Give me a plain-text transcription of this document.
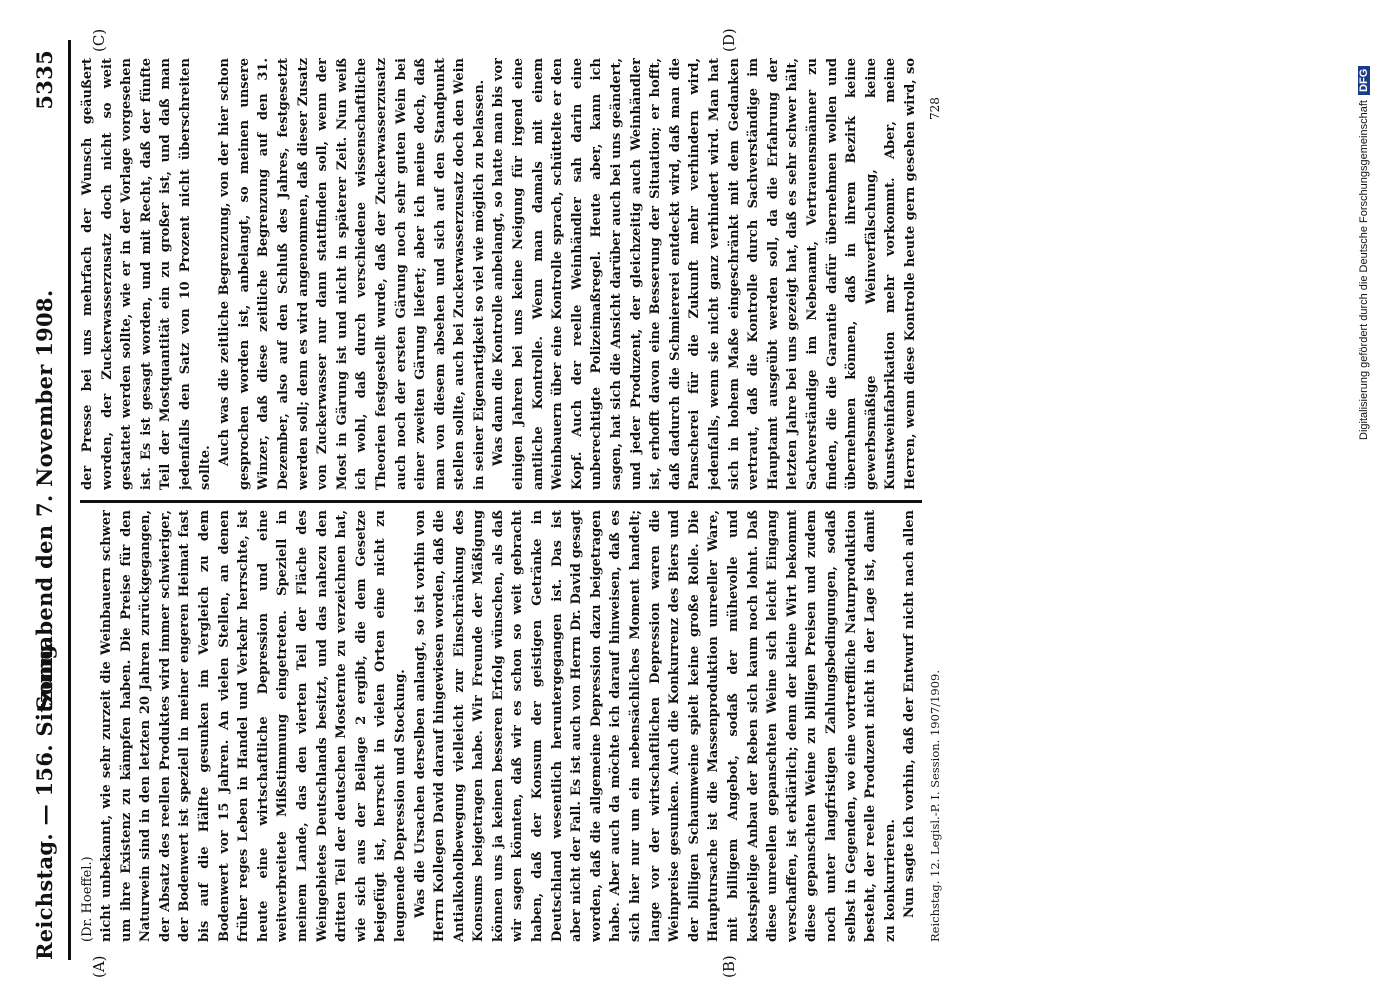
Reichstag. — 156. Sitzung.
Sonnabend den 7. November 1908.
5335
(A)	(B)
(C)	(D)
(Dr. Hoeffel.) nicht unbekannt, wie sehr zurzeit die Weinbauern schwer um ihre Existenz zu kämpfen haben. Die Preise für den Naturwein sind in den letzten 20 Jahren zurückgegangen, der Absatz des reellen Produktes wird immer schwieriger, der Bodenwert ist speziell in meiner engeren Heimat fast bis auf die Hälfte gesunken im Vergleich zu dem Bodenwert vor 15 Jahren. An vielen Stellen, an denen früher reges Leben in Handel und Verkehr herrschte, ist heute eine wirtschaftliche Depression und eine weitverbreitete Mißstimmung eingetreten. Speziell in meinem Lande, das den vierten Teil der Fläche des Weingebietes Deutschlands besitzt, und das nahezu den dritten Teil der deutschen Mosternte zu verzeichnen hat, wie sich aus der Beilage 2 ergibt, die dem Gesetze beigefügt ist, herrscht in vielen Orten eine nicht zu leugnende Depression und Stockung. Was die Ursachen derselben anlangt, so ist vorhin von Herrn Kollegen David darauf hingewiesen worden, daß die Antialkoholbewegung vielleicht zur Einschränkung des Konsums beigetragen habe. Wir Freunde der Mäßigung können uns ja keinen besseren Erfolg wünschen, als daß wir sagen könnten, daß wir es schon so weit gebracht haben, daß der Konsum der geistigen Getränke in Deutschland wesentlich heruntergegangen ist. Das ist aber nicht der Fall. Es ist auch von Herrn Dr. David gesagt worden, daß die allgemeine Depression dazu beigetragen habe. Aber auch da möchte ich darauf hinweisen, daß es sich hier nur um ein nebensächliches Moment handelt; lange vor der wirtschaftlichen Depression waren die Weinpreise gesunken. Auch die Konkurrenz des Biers und der billigen Schaumweine spielt keine große Rolle. Die Hauptursache ist die Massenproduktion unreeller Ware, mit billigem Angebot, sodaß der mühevolle und kostspielige Anbau der Reben sich kaum noch lohnt. Daß diese unreellen gepanschten Weine sich leicht Eingang verschaffen, ist erklärlich; denn der kleine Wirt bekommt diese gepanschten Weine zu billigen Preisen und zudem noch unter langfristigen Zahlungsbedingungen, sodaß selbst in Gegenden, wo eine vortreffliche Naturproduktion besteht, der reelle Produzent nicht in der Lage ist, damit zu konkurrieren. Nun sagte ich vorhin, daß der Entwurf nicht nach allen

der Presse bei uns mehrfach der Wunsch geäußert worden, der Zuckerwasserzusatz doch nicht so weit gestattet werden sollte, wie er in der Vorlage vorgesehen ist. Es ist gesagt worden, und mit Recht, daß der fünfte Teil der Mostquantität ein zu großer ist, und daß man jedenfalls den Satz von 10 Prozent nicht überschreiten sollte.

Auch was die zeitliche Begrenzung, von der hier schon gesprochen worden ist, anbelangt, so meinen unsere Winzer, daß diese zeitliche Begrenzung auf den 31. Dezember, also auf den Schluß des Jahres, festgesetzt werden soll; denn es wird angenommen, daß dieser Zusatz von Zuckerwasser nur dann stattfinden soll, wenn der Most in Gärung ist und nicht in späterer Zeit. Nun weiß ich wohl, daß durch verschiedene wissenschaftliche Theorien festgestellt wurde, daß der Zuckerwasserzusatz auch noch der ersten Gärung noch sehr guten Wein bei einer zweiten Gärung liefert; aber ich meine doch, daß man von diesem absehen und sich auf den Standpunkt stellen sollte, auch bei Zuckerwasserzusatz doch den Wein in seiner Eigenartigkeit so viel wie möglich zu belassen. Was dann die Kontrolle anbelangt, so hatte man bis vor einigen Jahren bei uns keine Neigung für irgend eine amtliche Kontrolle. Wenn man damals mit einem Weinbauern über eine Kontrolle sprach, schüttelte er den Kopf. Auch der reelle Weinhändler sah darin eine unberechtigte Polizeimaßregel. Heute aber, kann ich sagen, hat sich die Ansicht darüber auch bei uns geändert, und jeder Produzent, der gleichzeitig auch Weinhändler ist, erhofft davon eine Besserung der Situation; er hofft, daß dadurch die Schmiererei entdeckt wird, daß man die Panscherei für die Zukunft mehr verhindern wird, jedenfalls, wenn sie nicht ganz verhindert wird. Man hat sich in hohem Maße eingeschränkt mit dem Gedanken vertraut, daß die Kontrolle durch Sachverständige im Hauptamt ausgeübt werden soll, da die Erfahrung der letzten Jahre bei uns gezeigt hat, daß es sehr schwer hält, Sachverständige im Nebenamt, Vertrauensmänner zu finden, die die Garantie dafür übernehmen wollen und übernehmen können, daß in ihrem Bezirk keine gewerbsmäßige Weinverfälschung, keine Kunstweinfabrikation mehr vorkommt. Aber, meine Herren, wenn diese Kontrolle heute gern gesehen wird, so

Reichstag. 12. Legisl.-P. I. Session. 1907/1909.
728	Digitalisierung gefördert durch die Deutsche Forschungsgemeinschaft DFG
